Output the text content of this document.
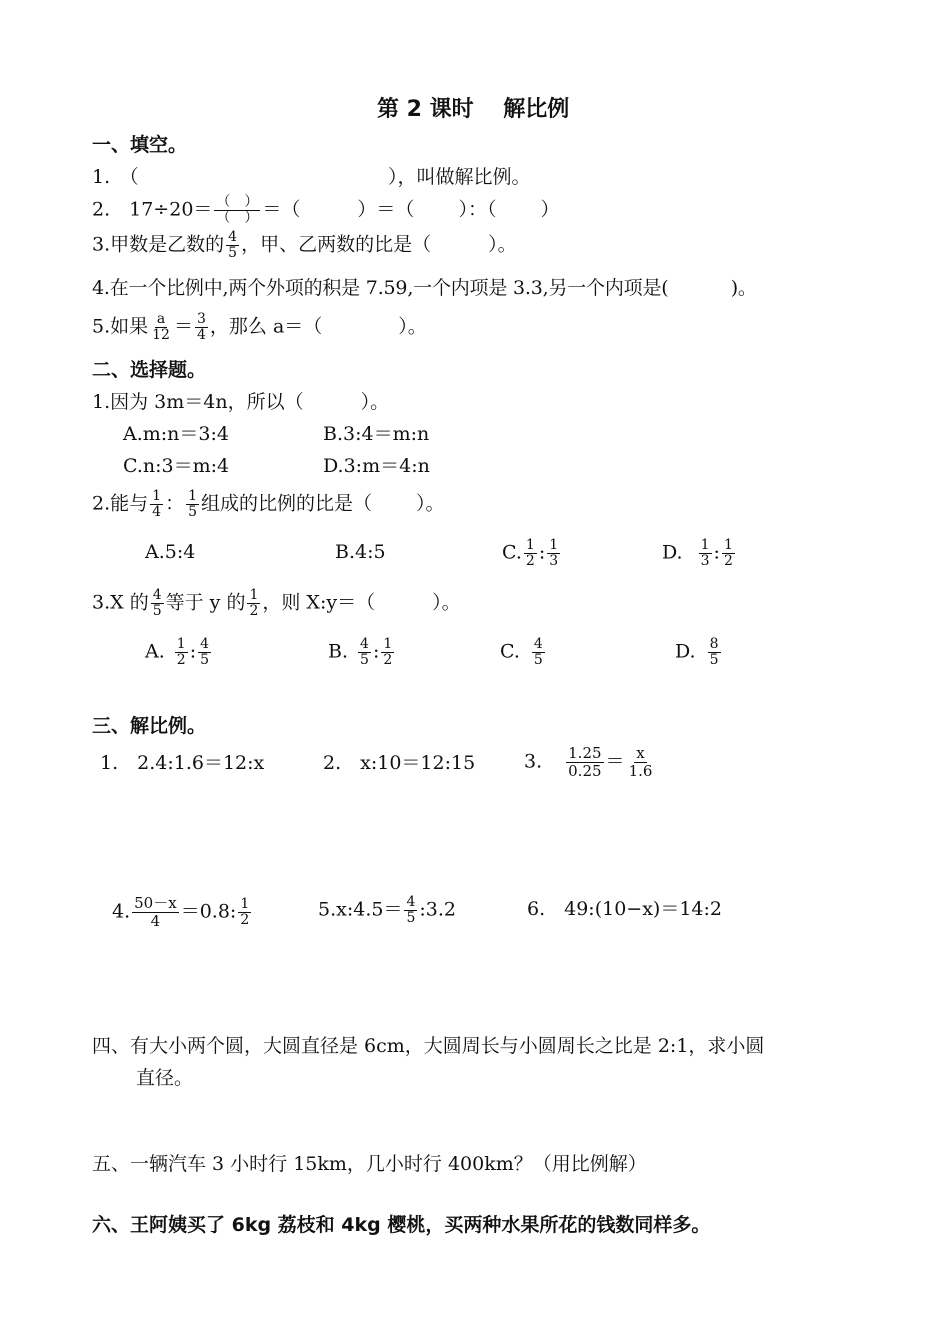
第 2 课时　 解比例
一、填空。
1.　（	），叫做解比例。
2.　$17\div 20= \frac{( )}{( )}$ ＝（　　　）＝（　　 ）：（　　 ）
3.甲数是乙数的 $\frac{4}{5}$ ，甲、乙两数的比是（　　　）。
4.在一个比例中,两个外项的积是 7.59,一个内项是 3.3,另一个内项是(　　　 )。
5.如果 $\frac{a}{12} = \frac{3}{4}$ ，那么 a＝（　　　　）。
二、选择题。
1.因为 3m＝4n，所以（　　　）。
A.m:n＝3:4	B.3:4＝m:n
C.n:3＝m:4	D.3:m＝4:n
2.能与 $\frac{1}{4}$ ： $\frac{1}{5}$ 组成的比例的比是（　　 ）。
A.5:4	B.4:5	C. $\frac{1}{2}$ : $\frac{1}{3}$	D. $\frac{1}{3}$ : $\frac{1}{2}$
3.X 的 $\frac{4}{5}$ 等于 y 的 $\frac{1}{2}$ ，则 X:y＝（　　　）。
A. $\frac{1}{2}$ : $\frac{4}{5}$	B. $\frac{4}{5}$ : $\frac{1}{2}$	C. $\frac{4}{5}$	D. $\frac{8}{5}$
三、解比例。
1.　2.4:1.6＝12:x	2.　x:10＝12:15	3. $\frac{1.25}{0.25} = \frac{x}{1.6}$
4. $\frac{50-x}{4} =0.8$: $\frac{1}{2}$	5.x:4.5＝ $\frac{4}{5}$ :3.2	6.　49:(10−x)＝14:2
四、有大小两个圆，大圆直径是 6cm，大圆周长与小圆周长之比是 2:1，求小圆
直径。
五、一辆汽车 3 小时行 15km，几小时行 400km？（用比例解）
六、王阿姨买了 6kg 荔枝和 4kg 樱桃，买两种水果所花的钱数同样多。
